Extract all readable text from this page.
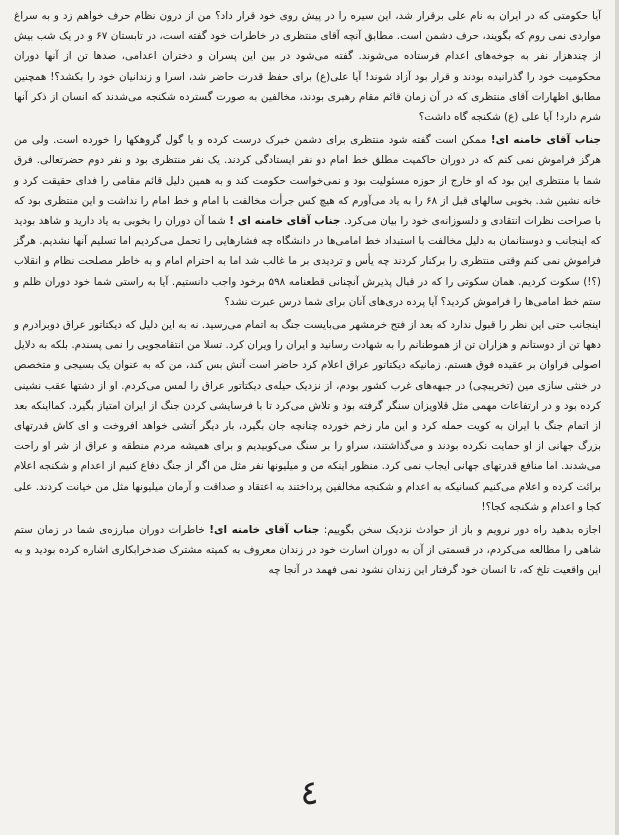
آیا حکومتی که در ایران به نام علی برقرار شد، این سیره را در پیش روی خود قرار داد؟ من از درون نظام حرف خواهم زد و به سراغ مواردی نمی روم که بگویند، حرف دشمن است. مطابق آنچه آقای منتظری در خاطرات خود گفته است، در تابستان ۶۷ و در یک شب بیش از چندهزار نفر به جوخه‌های اعدام فرستاده می‌شوند. گفته می‌شود در بین این پسران و دختران اعدامی، صدها تن از آنها دوران محکومیت خود را گذرانیده بودند و قرار بود آزاد شوند! آیا علی(ع) برای حفظ قدرت حاضر شد، اسرا و زندانیان خود را بکشد؟! همچنین مطابق اظهارات آقای منتظری که در آن زمان قائم مقام رهبری بودند، مخالفین به صورت گسترده شکنجه می‌شدند که انسان از ذکر آنها شرم دارد! آیا علی (ع) شکنجه گاه داشت؟

جناب آقای خامنه ای! ممکن است گفته شود منتظری برای دشمن خبرک درست کرده و یا گول گروهکها را خورده است. ولی من هرگز فراموش نمی کنم که در دوران حاکمیت مطلق خط امام دو نفر ایستادگی کردند. یک نفر منتظری بود و نفر دوم حضرتعالی. فرق شما با منتظری این بود که او خارج از حوزه مسئولیت بود و نمی‌خواست حکومت کند و به همین دلیل قائم مقامی را فدای حقیقت کرد و خانه نشین شد. بخوبی سالهای قبل از ۶۸ را به یاد می‌آورم که هیچ کس جرأت مخالفت با امام و خط امام را نداشت و این منتظری بود که با صراحت نظرات انتقادی و دلسوزانه‌ی خود را بیان می‌کرد. جناب آقای خامنه ای ! شما آن دوران را بخوبی به یاد دارید و شاهد بودید که اینجانب و دوستانمان به دلیل مخالفت با استبداد خط امامی‌ها در دانشگاه چه فشارهایی را تحمل می‌کردیم اما تسلیم آنها نشدیم. هرگز فراموش نمی کنم وقتی منتظری را برکنار کردند چه یأس و تردیدی بر ما غالب شد اما به احترام امام و به خاطر مصلحت نظام و انقلاب (؟!) سکوت کردیم. همان سکوتی را که در قبال پذیرش آنچنانی قطعنامه ۵۹۸ برخود واجب دانستیم. آیا به راستی شما خود دوران ظلم و ستم خط امامی‌ها را فراموش کردید؟ آیا پرده دری‌های آنان برای شما درس عبرت نشد؟

اینجانب حتی این نظر را قبول ندارد که بعد از فتح خرمشهر می‌بایست جنگ به اتمام می‌رسید. نه به این دلیل که دیکتاتور عراق دوبرادرم و دهها تن از دوستانم و هزاران تن از هموطنانم را به شهادت رسانید و ایران را ویران کرد. تسلا من انتقامجویی را نمی پسندم. بلکه به دلایل اصولی فراوان بر عقیده فوق هستم. زمانیکه دیکتاتور عراق اعلام کرد حاضر است آتش بس کند، من که به عنوان یک بسیجی و متخصص در خنثی سازی مین (تخریبچی) در جبهه‌های غرب کشور بودم، از نزدیک حیله‌ی دیکتاتور عراق را لمس می‌کردم. او از دشتها عقب نشینی کرده بود و در ارتفاعات مهمی مثل قلاویزان سنگر گرفته بود و تلاش می‌کرد تا با فرسایشی کردن جنگ از ایران امتیاز بگیرد. کمااینکه بعد از اتمام جنگ با ایران به کویت حمله کرد و این مار زخم خورده چنانچه جان بگیرد، بار دیگر آتشی خواهد افروخت و ای کاش قدرتهای بزرگ جهانی از او حمایت نکرده بودند و می‌گذاشتند، سراو را بر سنگ می‌کوبیدیم و برای همیشه مردم منطقه و عراق از شر او راحت می‌شدند. اما منافع قدرتهای جهانی ایجاب نمی کرد. منظور اینکه من و میلیونها نفر مثل من اگر از جنگ دفاع کنیم از اعدام و شکنجه اعلام برائت کرده و اعلام می‌کنیم کسانیکه به اعدام و شکنجه مخالفین پرداختند به اعتقاد و صداقت و آرمان میلیونها مثل من خیانت کردند. علی کجا و اعدام و شکنجه کجا؟!

اجازه بدهید راه دور نرویم و باز از حوادث نزدیک سخن بگوییم: جناب آقای خامنه ای! خاطرات دوران مبارزه‌ی شما در زمان ستم شاهی را مطالعه می‌کردم، در قسمتی از آن به دوران اسارت خود در زندان معروف به کمیته مشترک ضدخرابکاری اشاره کرده بودید و به این واقعیت تلخ که، تا انسان خود گرفتار این زندان نشود نمی فهمد در آنجا چه

٤
